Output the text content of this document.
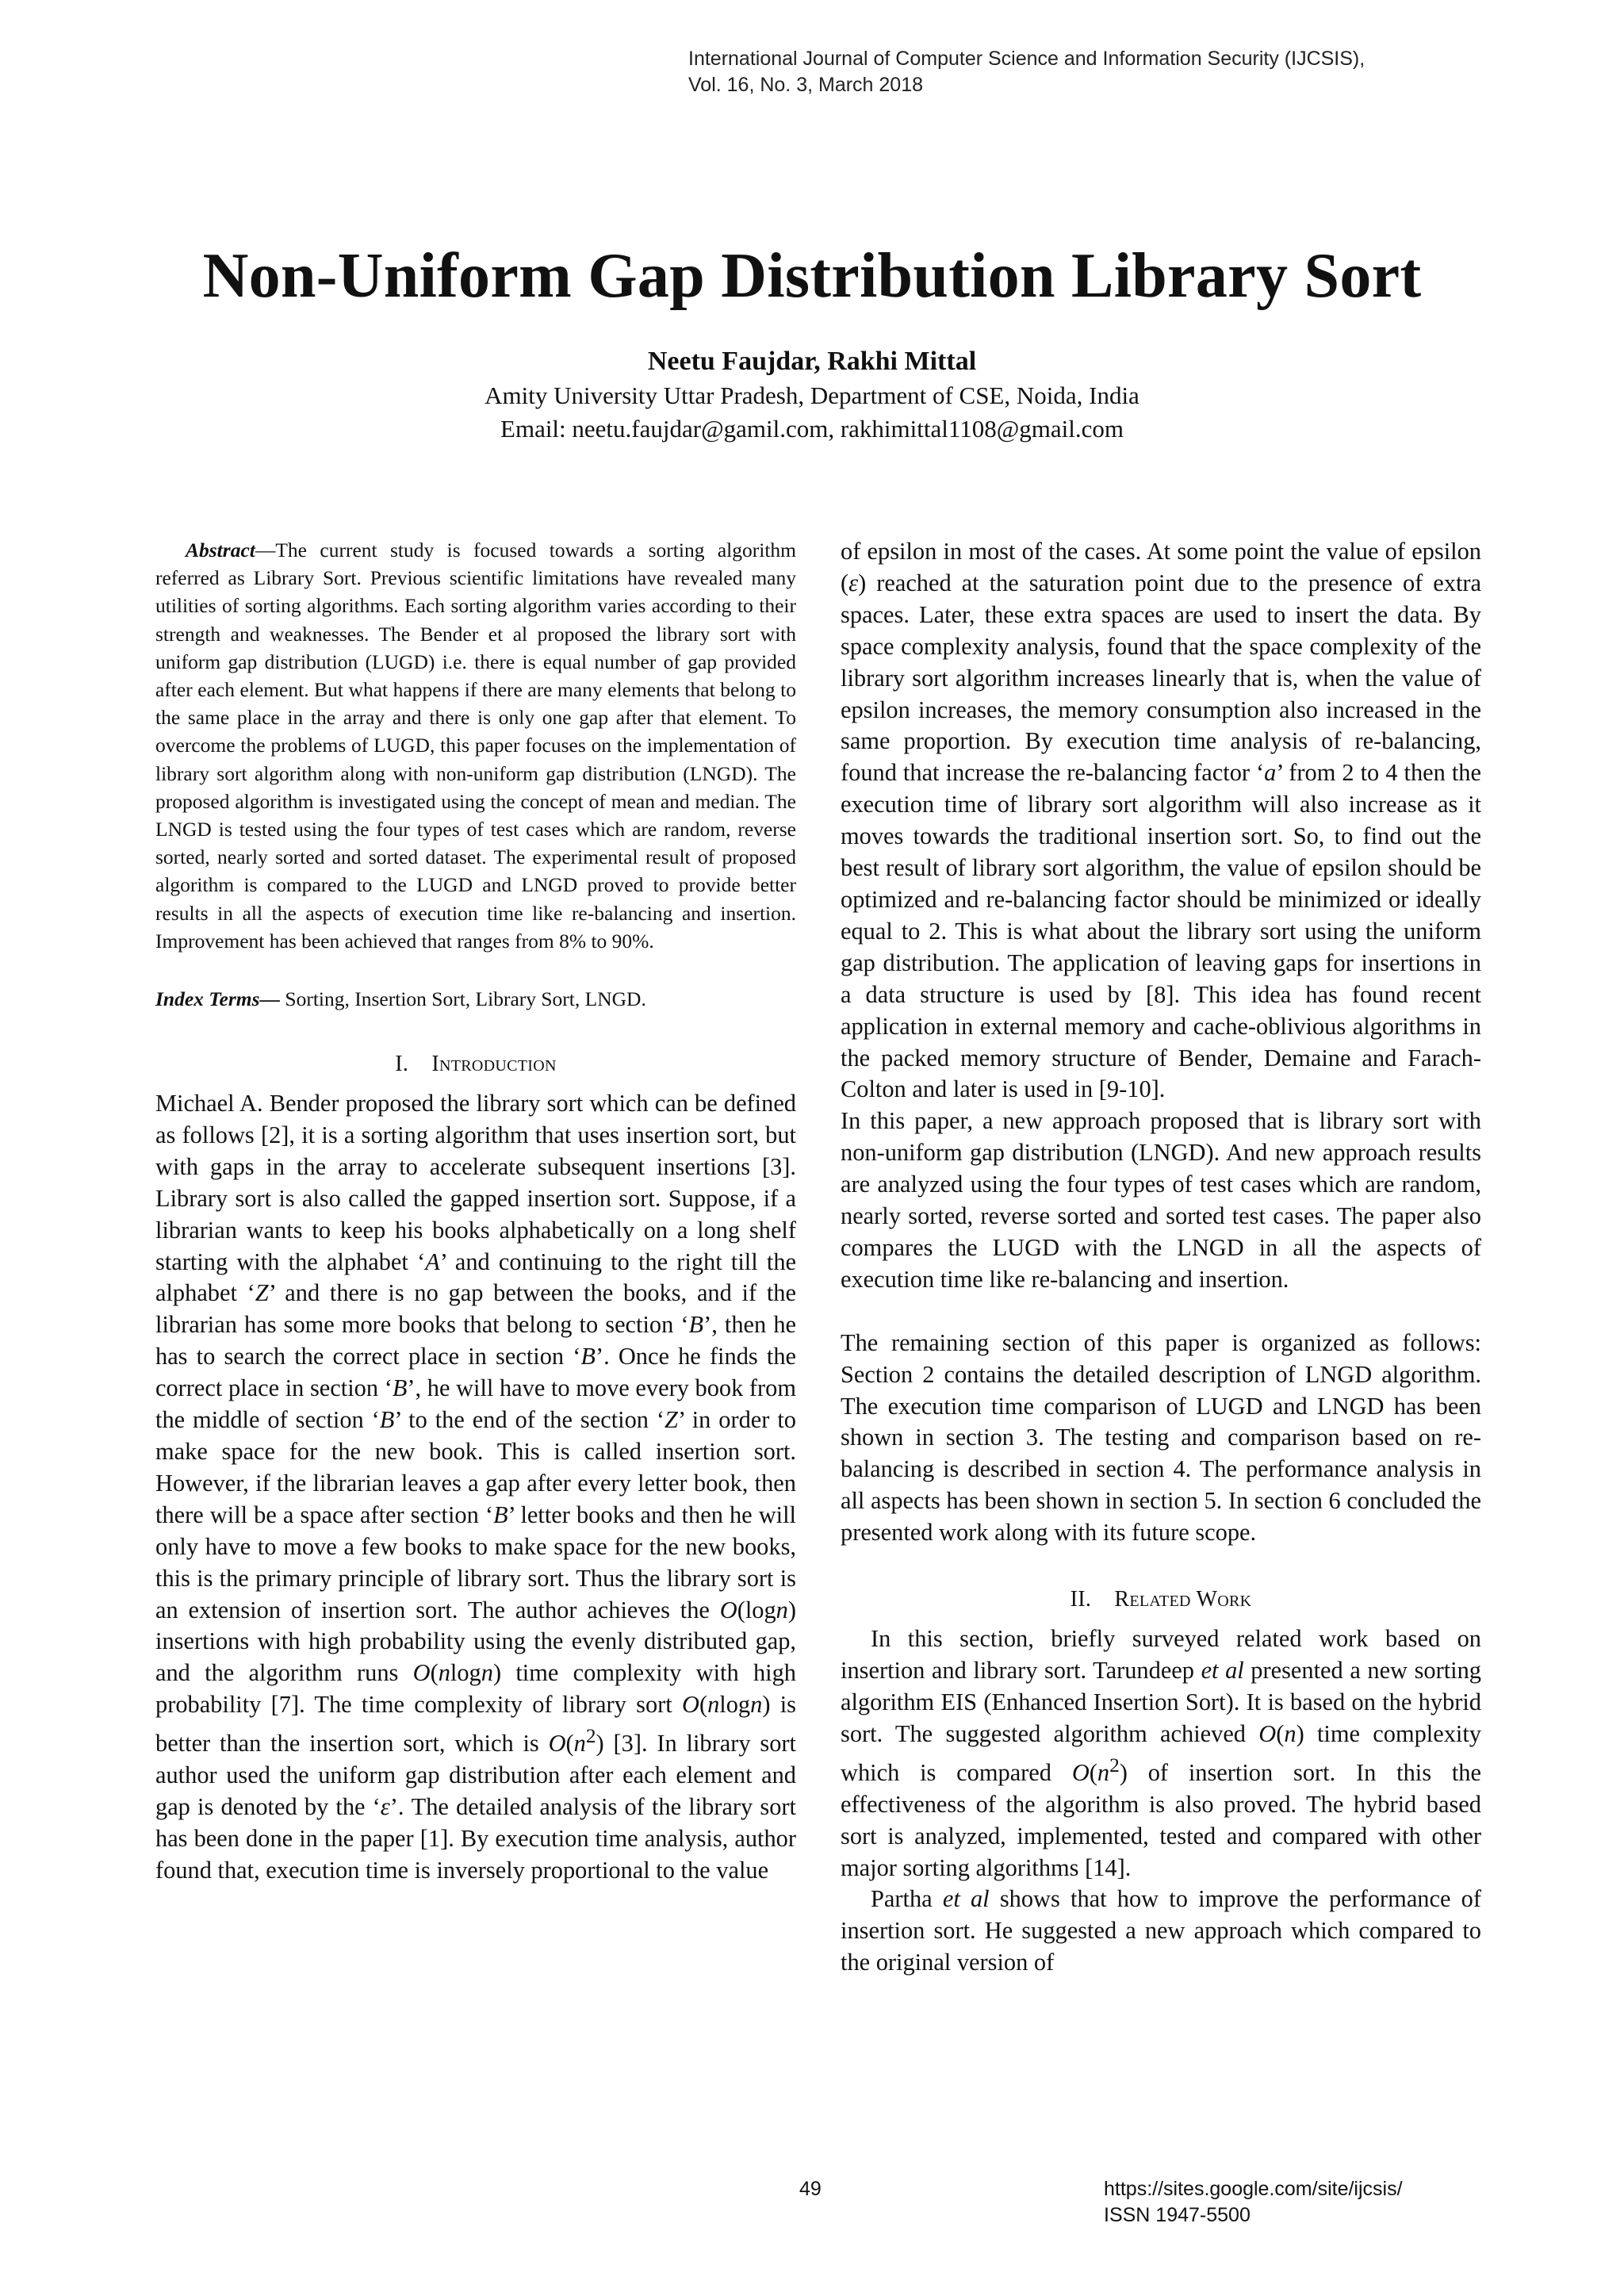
International Journal of Computer Science and Information Security (IJCSIS),
Vol. 16, No. 3, March 2018
Non-Uniform Gap Distribution Library Sort
Neetu Faujdar, Rakhi Mittal
Amity University Uttar Pradesh, Department of CSE, Noida, India
Email: neetu.faujdar@gamil.com, rakhimittal1108@gmail.com

Abstract—The current study is focused towards a sorting algorithm referred as Library Sort. Previous scientific limitations have revealed many utilities of sorting algorithms. Each sorting algorithm varies according to their strength and weaknesses. The Bender et al proposed the library sort with uniform gap distribution (LUGD) i.e. there is equal number of gap provided after each element. But what happens if there are many elements that belong to the same place in the array and there is only one gap after that element. To overcome the problems of LUGD, this paper focuses on the implementation of library sort algorithm along with non-uniform gap distribution (LNGD). The proposed algorithm is investigated using the concept of mean and median. The LNGD is tested using the four types of test cases which are random, reverse sorted, nearly sorted and sorted dataset. The experimental result of proposed algorithm is compared to the LUGD and LNGD proved to provide better results in all the aspects of execution time like re-balancing and insertion. Improvement has been achieved that ranges from 8% to 90%.

Index Terms— Sorting, Insertion Sort, Library Sort, LNGD.

I. Introduction

Michael A. Bender proposed the library sort which can be defined as follows [2], it is a sorting algorithm that uses insertion sort, but with gaps in the array to accelerate subsequent insertions [3]. Library sort is also called the gapped insertion sort. Suppose, if a librarian wants to keep his books alphabetically on a long shelf starting with the alphabet ‘A’ and continuing to the right till the alphabet ‘Z’ and there is no gap between the books, and if the librarian has some more books that belong to section ‘B’, then he has to search the correct place in section ‘B’. Once he finds the correct place in section ‘B’, he will have to move every book from the middle of section ‘B’ to the end of the section ‘Z’ in order to make space for the new book. This is called insertion sort. However, if the librarian leaves a gap after every letter book, then there will be a space after section ‘B’ letter books and then he will only have to move a few books to make space for the new books, this is the primary principle of library sort. Thus the library sort is an extension of insertion sort. The author achieves the O(logn) insertions with high probability using the evenly distributed gap, and the algorithm runs O(nlogn) time complexity with high probability [7]. The time complexity of library sort O(nlogn) is better than the insertion sort, which is $O(n^2)$ [3]. In library sort author used the uniform gap distribution after each element and gap is denoted by the ‘ε’. The detailed analysis of the library sort has been done in the paper [1]. By execution time analysis, author found that, execution time is inversely proportional to the value

of epsilon in most of the cases. At some point the value of epsilon (ε) reached at the saturation point due to the presence of extra spaces. Later, these extra spaces are used to insert the data. By space complexity analysis, found that the space complexity of the library sort algorithm increases linearly that is, when the value of epsilon increases, the memory consumption also increased in the same proportion. By execution time analysis of re-balancing, found that increase the re-balancing factor ‘a’ from 2 to 4 then the execution time of library sort algorithm will also increase as it moves towards the traditional insertion sort. So, to find out the best result of library sort algorithm, the value of epsilon should be optimized and re-balancing factor should be minimized or ideally equal to 2. This is what about the library sort using the uniform gap distribution. The application of leaving gaps for insertions in a data structure is used by [8]. This idea has found recent application in external memory and cache-oblivious algorithms in the packed memory structure of Bender, Demaine and Farach-Colton and later is used in [9-10].

In this paper, a new approach proposed that is library sort with non-uniform gap distribution (LNGD). And new approach results are analyzed using the four types of test cases which are random, nearly sorted, reverse sorted and sorted test cases. The paper also compares the LUGD with the LNGD in all the aspects of execution time like re-balancing and insertion.

The remaining section of this paper is organized as follows: Section 2 contains the detailed description of LNGD algorithm. The execution time comparison of LUGD and LNGD has been shown in section 3. The testing and comparison based on re-balancing is described in section 4. The performance analysis in all aspects has been shown in section 5. In section 6 concluded the presented work along with its future scope.

II. Related Work

In this section, briefly surveyed related work based on insertion and library sort. Tarundeep et al presented a new sorting algorithm EIS (Enhanced Insertion Sort). It is based on the hybrid sort. The suggested algorithm achieved O(n) time complexity which is compared $O(n^2)$ of insertion sort. In this the effectiveness of the algorithm is also proved. The hybrid based sort is analyzed, implemented, tested and compared with other major sorting algorithms [14].

Partha et al shows that how to improve the performance of insertion sort. He suggested a new approach which compared to the original version of

49	https://sites.google.com/site/ijcsis/
ISSN 1947-5500
